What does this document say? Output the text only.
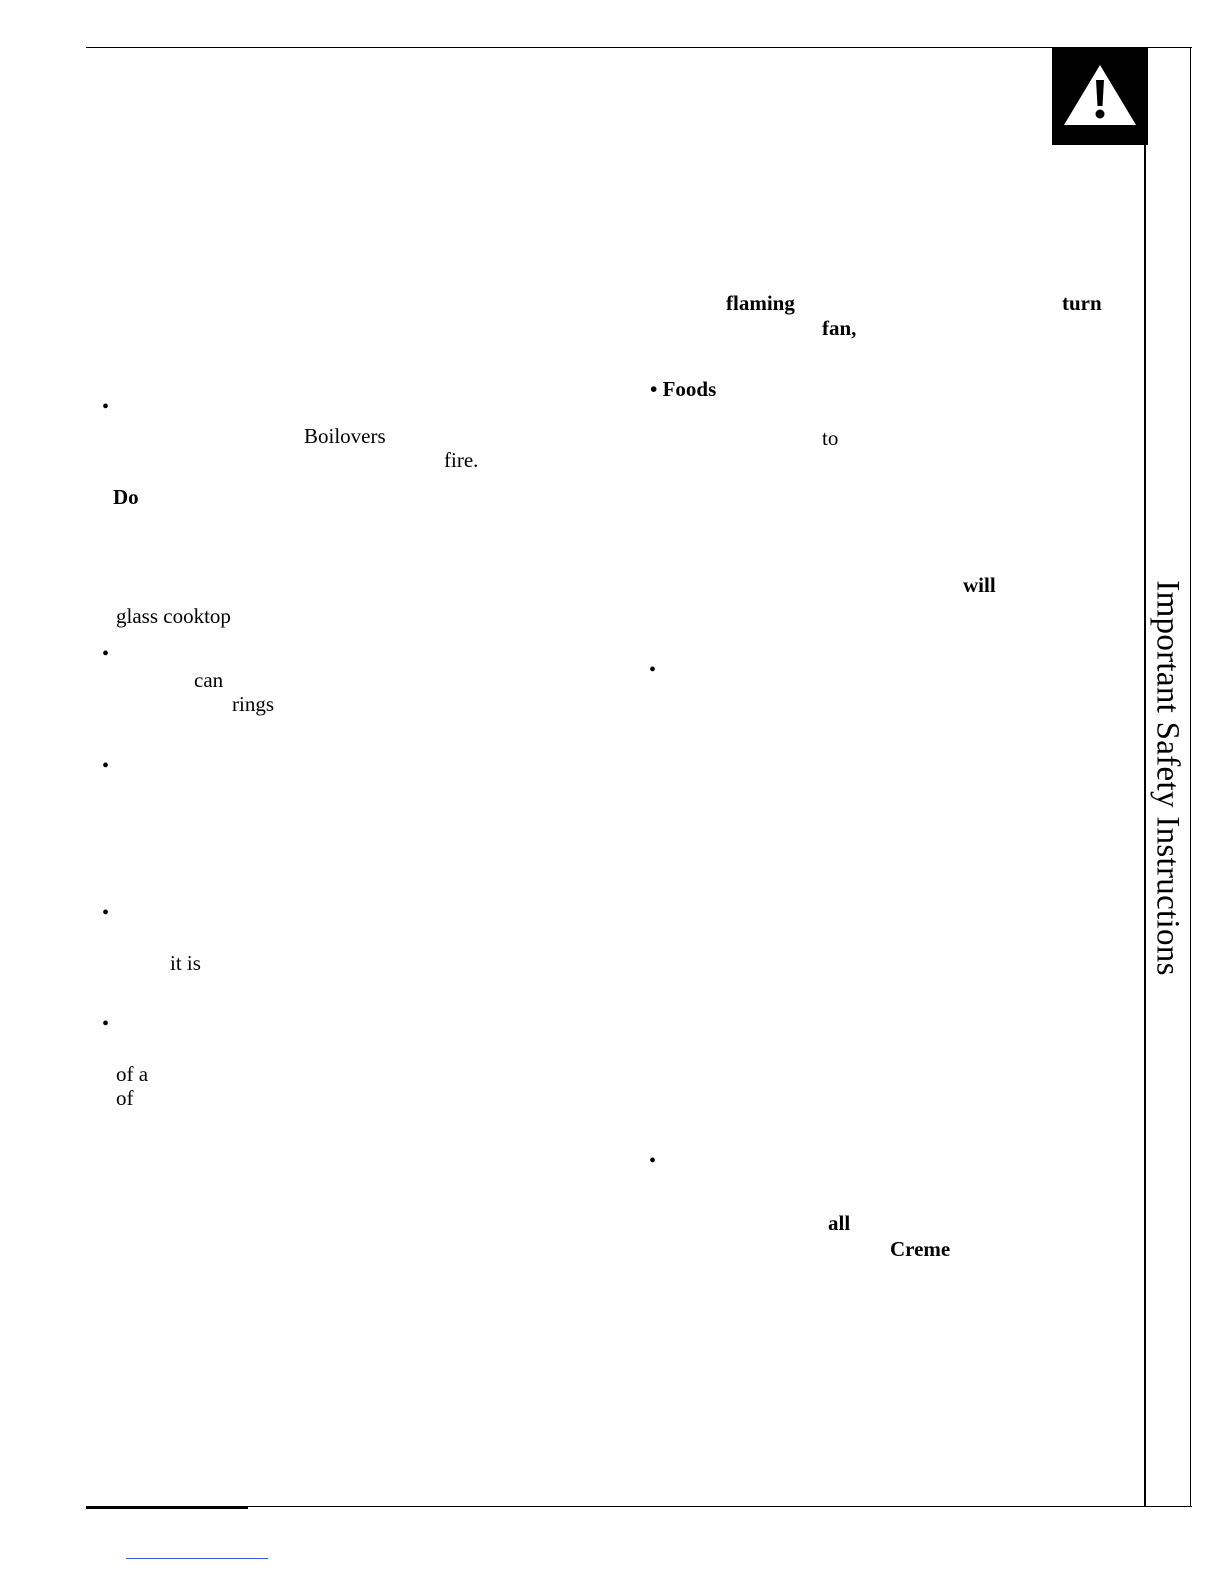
Important Safety Instructions
•
Boilovers
fire.
Do
glass cooktop
•
can
rings
•
•
it is
•
of a
of
flaming	turn
fan,
• Foods
to
will
•
•
all
Creme
